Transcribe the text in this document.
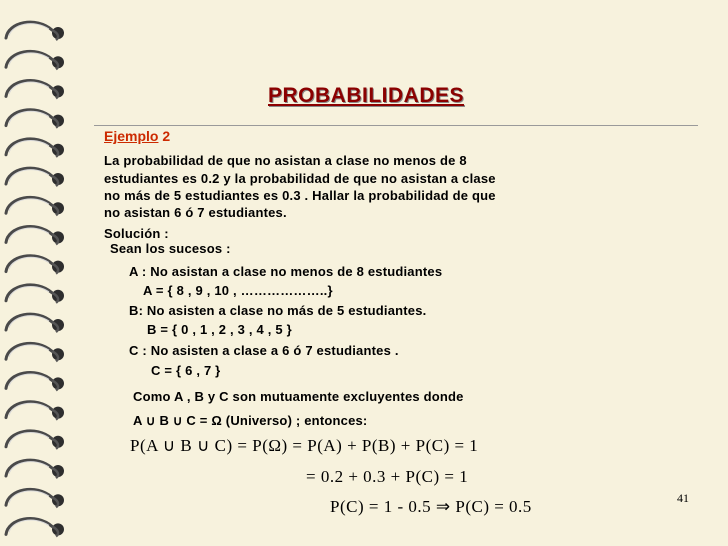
PROBABILIDADES
Ejemplo 2
La probabilidad de que no asistan a clase no menos de 8
estudiantes es 0.2 y la probabilidad de que no asistan a clase
no más de 5 estudiantes es 0.3 . Hallar la probabilidad de que
no asistan 6 ó 7 estudiantes.
Solución :
Sean los sucesos :
A : No asistan a clase no menos de 8 estudiantes
A = { 8 , 9 , 10 , ………………..}
B: No asisten a clase no más de 5 estudiantes.
B = { 0 , 1 , 2 , 3 , 4 , 5 }
C : No asisten a clase a 6 ó 7 estudiantes .
C = { 6 , 7 }
Como A , B y C son mutuamente excluyentes donde
A ∪ B ∪ C = Ω (Universo) ; entonces:
P(A ∪ B ∪ C) = P(Ω) = P(A) + P(B) + P(C) = 1
= 0.2 + 0.3 + P(C) = 1
P(C) = 1 - 0.5 ⇒ P(C) = 0.5	41
